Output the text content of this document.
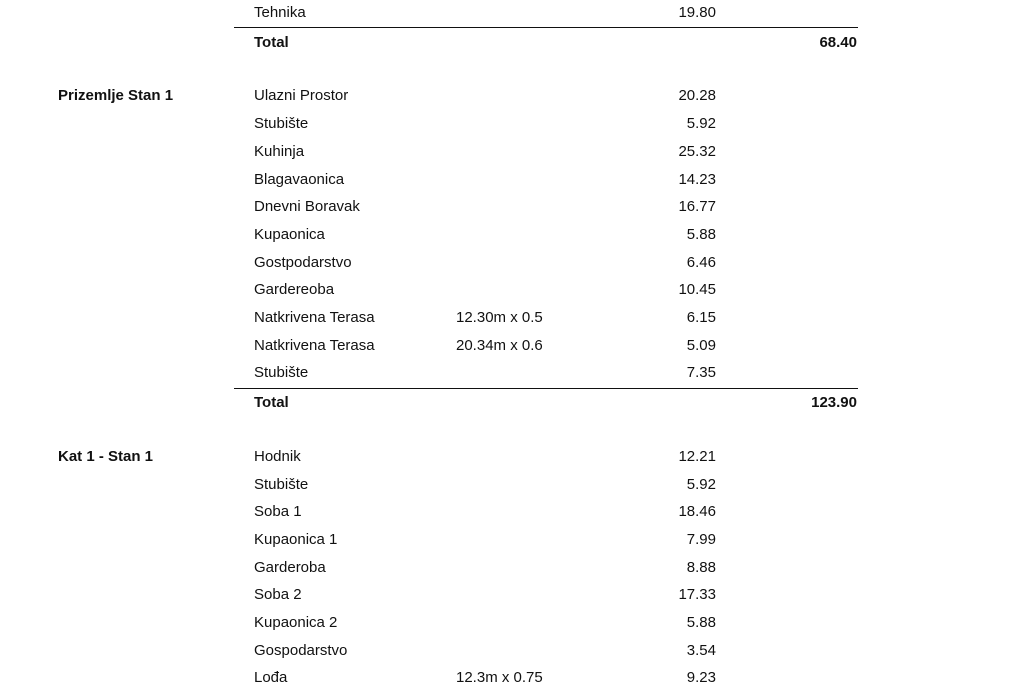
Tehnika	19.80
Total	68.40
Prizemlje Stan 1	Ulazni Prostor	20.28
Stubište	5.92
Kuhinja	25.32
Blagavaonica	14.23
Dnevni Boravak	16.77
Kupaonica	5.88
Gostpodarstvo	6.46
Gardereoba	10.45
Natkrivena Terasa	12.30m x 0.5	6.15
Natkrivena Terasa	20.34m x 0.6	5.09
Stubište	7.35
Total	123.90
Kat 1 - Stan 1	Hodnik	12.21
Stubište	5.92
Soba 1	18.46
Kupaonica 1	7.99
Garderoba	8.88
Soba 2	17.33
Kupaonica 2	5.88
Gospodarstvo	3.54
Lođa	12.3m x 0.75	9.23
